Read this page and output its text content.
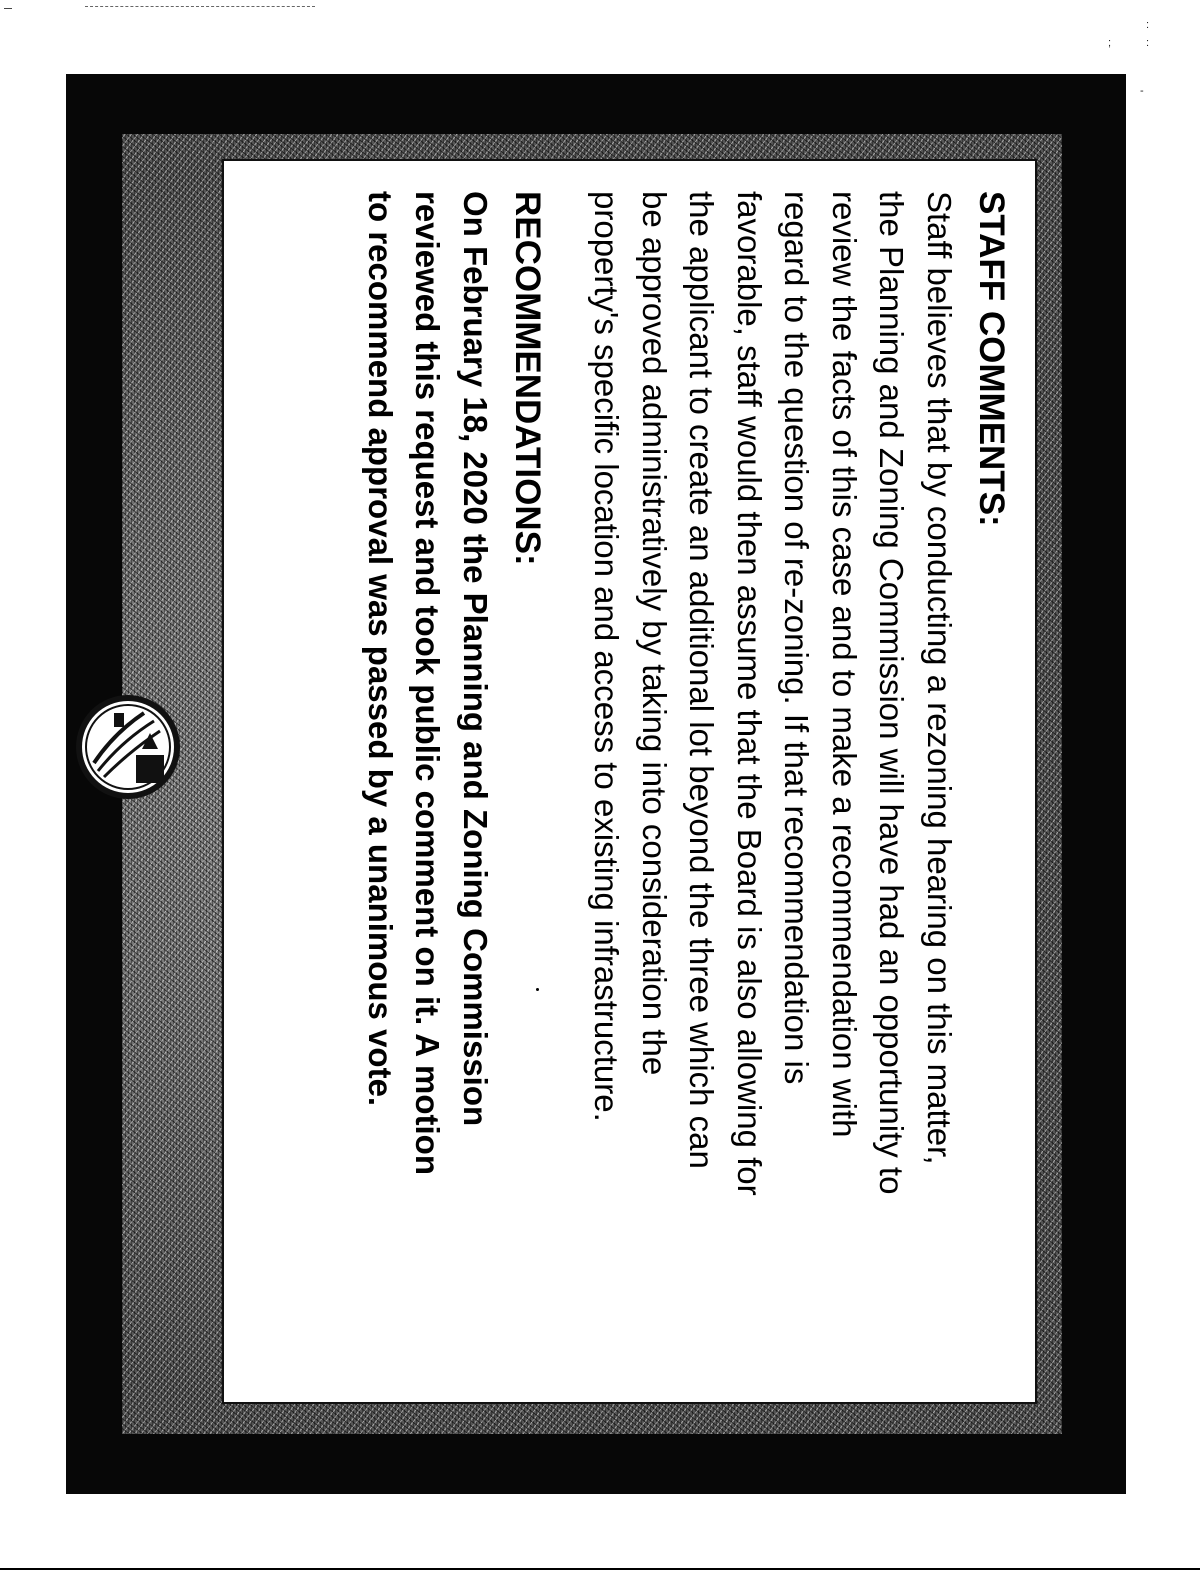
:
;	:
-
STAFF COMMENTS:
Staff believes that by conducting a rezoning hearing on this matter,
the Planning and Zoning Commission will have had an opportunity to
review the facts of this case and to make a recommendation with
regard to the question of re-zoning. If that recommendation is
favorable, staff would then assume that the Board is also allowing for
the applicant to create an additional lot beyond the three which can
be approved administratively by taking into consideration the
property's specific location and access to existing infrastructure.
RECOMMENDATIONS:
On February 18, 2020 the Planning and Zoning Commission
reviewed this request and took public comment on it. A motion
to recommend approval was passed by a unanimous vote.
